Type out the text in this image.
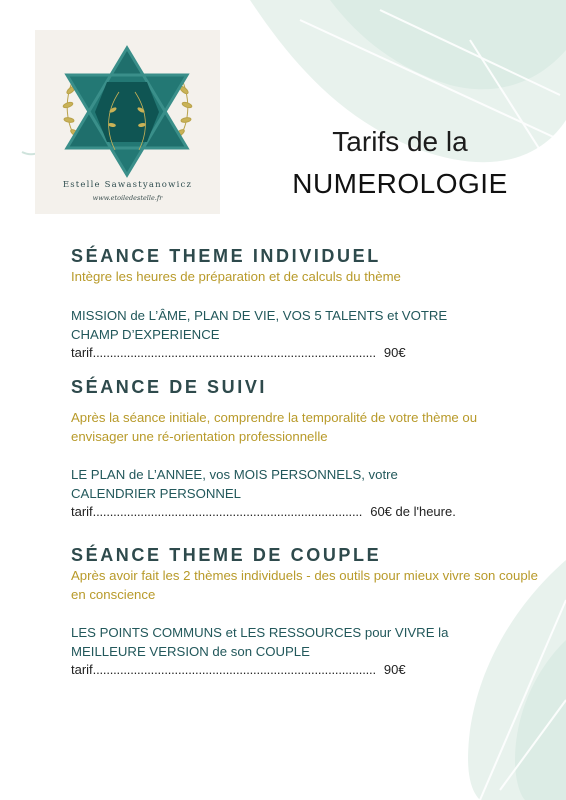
Estelle Sawastyanowicz
www.etoiledestelle.fr
Tarifs de la
NUMEROLOGIE
SÉANCE THEME INDIVIDUEL

Intègre les heures de préparation et de calculs du thème

MISSION de L’ÂME, PLAN DE VIE, VOS 5 TALENTS et VOTRE CHAMP D’EXPERIENCE

tarif................................................................................... 90€
SÉANCE DE SUIVI

Après la séance initiale, comprendre la temporalité de votre thème ou envisager une ré-orientation professionnelle

LE PLAN de L’ANNEE, vos MOIS PERSONNELS, votre CALENDRIER PERSONNEL

tarif............................................................................... 60€ de l'heure.
SÉANCE THEME DE COUPLE

Après avoir fait les 2 thèmes individuels - des outils pour mieux vivre son couple en conscience

LES POINTS COMMUNS et LES RESSOURCES pour VIVRE la MEILLEURE VERSION de son COUPLE

tarif................................................................................... 90€
